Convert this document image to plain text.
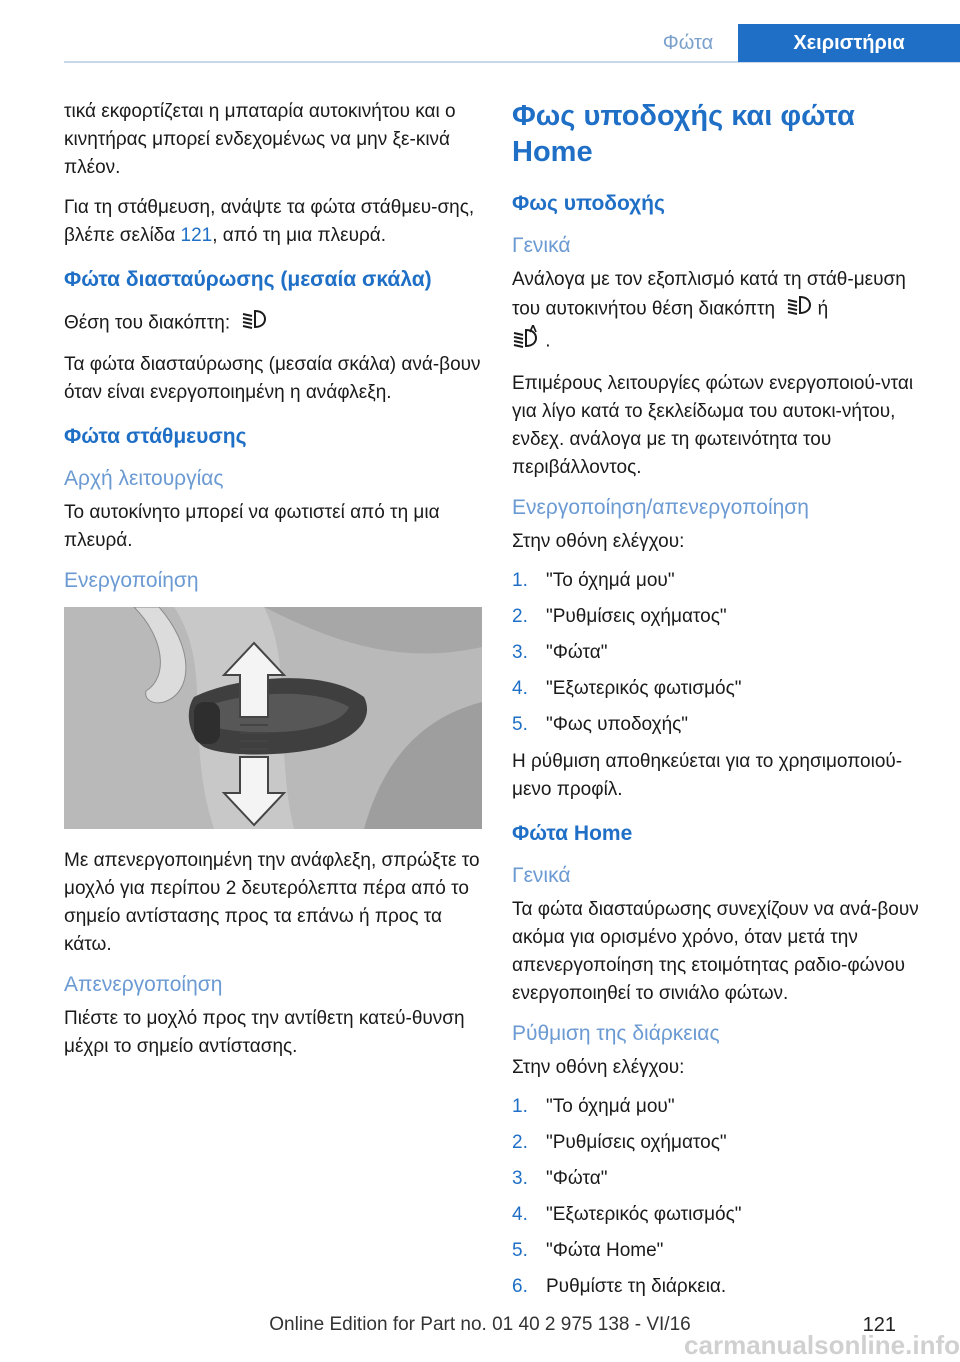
Φώτα	Χειριστήρια

τικά εκφορτίζεται η μπαταρία αυτοκινήτου και ο κινητήρας μπορεί ενδεχομένως να μην ξε-κινά πλέον.

Για τη στάθμευση, ανάψτε τα φώτα στάθμευ-σης, βλέπε σελίδα 121, από τη μια πλευρά.

Φώτα διασταύρωσης (μεσαία σκάλα)

Θέση του διακόπτη:

Τα φώτα διασταύρωσης (μεσαία σκάλα) ανά-βουν όταν είναι ενεργοποιημένη η ανάφλεξη.

Φώτα στάθμευσης
Αρχή λειτουργίας

Το αυτοκίνητο μπορεί να φωτιστεί από τη μια πλευρά.

Ενεργοποίηση

Με απενεργοποιημένη την ανάφλεξη, σπρώξτε το μοχλό για περίπου 2 δευτερόλεπτα πέρα από το σημείο αντίστασης προς τα επάνω ή προς τα κάτω.

Απενεργοποίηση

Πιέστε το μοχλό προς την αντίθετη κατεύ-θυνση μέχρι το σημείο αντίστασης.

Φως υποδοχής και φώτα Home
Φως υποδοχής
Γενικά

Ανάλογα με τον εξοπλισμό κατά τη στάθ-μευση του αυτοκινήτου θέση διακόπτη ή
.

Επιμέρους λειτουργίες φώτων ενεργοποιού-νται για λίγο κατά το ξεκλείδωμα του αυτοκι-νήτου, ενδεχ. ανάλογα με τη φωτεινότητα του περιβάλλοντος.

Ενεργοποίηση/απενεργοποίηση

Στην οθόνη ελέγχου:

1. "Το όχημά μου"
2. "Ρυθμίσεις οχήματος"
3. "Φώτα"
4. "Εξωτερικός φωτισμός"
5. "Φως υποδοχής"

Η ρύθμιση αποθηκεύεται για το χρησιμοποιού-μενο προφίλ.

Φώτα Home
Γενικά

Τα φώτα διασταύρωσης συνεχίζουν να ανά-βουν ακόμα για ορισμένο χρόνο, όταν μετά την απενεργοποίηση της ετοιμότητας ραδιο-φώνου ενεργοποιηθεί το σινιάλο φώτων.

Ρύθμιση της διάρκειας

Στην οθόνη ελέγχου:

1. "Το όχημά μου"
2. "Ρυθμίσεις οχήματος"
3. "Φώτα"
4. "Εξωτερικός φωτισμός"
5. "Φώτα Home"
6. Ρυθμίστε τη διάρκεια.
Online Edition for Part no. 01 40 2 975 138 - VI/16	121
carmanualsonline.info
